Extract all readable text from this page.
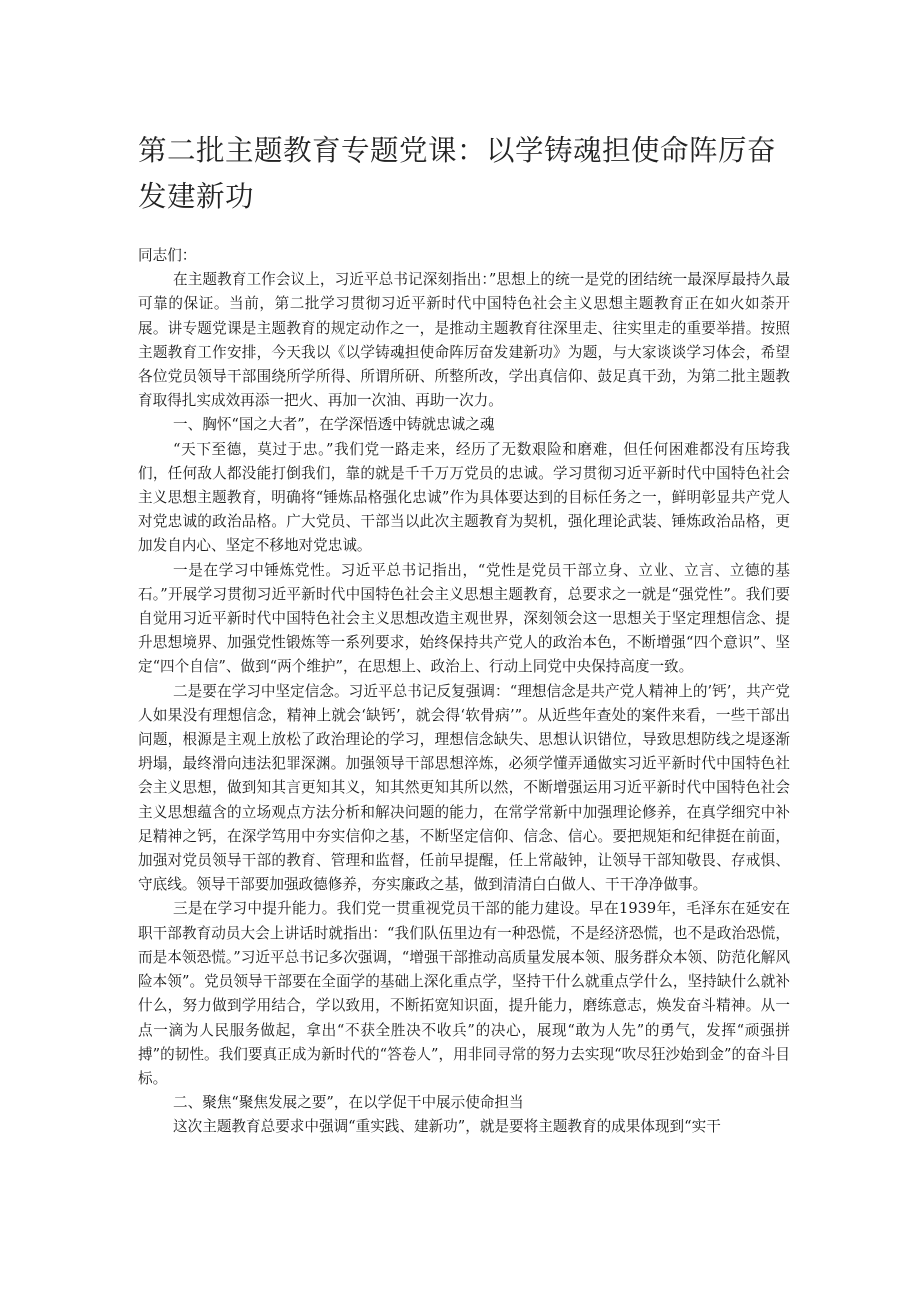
第二批主题教育专题党课：以学铸魂担使命阵厉奋发建新功

同志们：

在主题教育工作会议上，习近平总书记深刻指出：”思想上的统一是党的团结统一最深厚最持久最可靠的保证。当前，第二批学习贯彻习近平新时代中国特色社会主义思想主题教育正在如火如荼开展。讲专题党课是主题教育的规定动作之一，是推动主题教育往深里走、往实里走的重要举措。按照主题教育工作安排，今天我以《以学铸魂担使命阵厉奋发建新功》为题，与大家谈谈学习体会，希望各位党员领导干部围绕所学所得、所谓所研、所整所改，学出真信仰、鼓足真干劲，为第二批主题教育取得扎实成效再添一把火、再加一次油、再助一次力。

一、胸怀“国之大者”，在学深悟透中铸就忠诚之魂

“天下至德，莫过于忠。”我们党一路走来，经历了无数艰险和磨难，但任何困难都没有压垮我们，任何敌人都没能打倒我们，靠的就是千千万万党员的忠诚。学习贯彻习近平新时代中国特色社会主义思想主题教育，明确将“锤炼品格强化忠诚”作为具体要达到的目标任务之一，鲜明彰显共产党人对党忠诚的政治品格。广大党员、干部当以此次主题教育为契机，强化理论武装、锤炼政治品格，更加发自内心、坚定不移地对党忠诚。

一是在学习中锤炼党性。习近平总书记指出，“党性是党员干部立身、立业、立言、立德的基石。”开展学习贯彻习近平新时代中国特色社会主义思想主题教育，总要求之一就是“强党性”。我们要自觉用习近平新时代中国特色社会主义思想改造主观世界，深刻领会这一思想关于坚定理想信念、提升思想境界、加强党性锻炼等一系列要求，始终保持共产党人的政治本色，不断增强“四个意识”、坚定“四个自信”、做到“两个维护”，在思想上、政治上、行动上同党中央保持高度一致。

二是要在学习中坚定信念。习近平总书记反复强调：“理想信念是共产党人精神上的’钙’，共产党人如果没有理想信念，精神上就会‘缺钙’，就会得‘软骨病’”。从近些年查处的案件来看，一些干部出问题，根源是主观上放松了政治理论的学习，理想信念缺失、思想认识错位，导致思想防线之堤逐渐坍塌，最终滑向违法犯罪深渊。加强领导干部思想淬炼，必须学懂弄通做实习近平新时代中国特色社会主义思想，做到知其言更知其义，知其然更知其所以然，不断增强运用习近平新时代中国特色社会主义思想蕴含的立场观点方法分析和解决问题的能力，在常学常新中加强理论修养，在真学细究中补足精神之钙，在深学笃用中夯实信仰之基，不断坚定信仰、信念、信心。要把规矩和纪律挺在前面，加强对党员领导干部的教育、管理和监督，任前早提醒，任上常敲钟，让领导干部知敬畏、存戒惧、守底线。领导干部要加强政德修养，夯实廉政之基，做到清清白白做人、干干净净做事。

三是在学习中提升能力。我们党一贯重视党员干部的能力建设。早在1939年，毛泽东在延安在职干部教育动员大会上讲话时就指出：“我们队伍里边有一种恐慌，不是经济恐慌，也不是政治恐慌，而是本领恐慌。”习近平总书记多次强调，“增强干部推动高质量发展本领、服务群众本领、防范化解风险本领”。党员领导干部要在全面学的基础上深化重点学，坚持干什么就重点学什么，坚持缺什么就补什么，努力做到学用结合，学以致用，不断拓宽知识面，提升能力，磨练意志，焕发奋斗精神。从一点一滴为人民服务做起，拿出“不获全胜决不收兵”的决心，展现“敢为人先”的勇气，发挥“顽强拼搏”的韧性。我们要真正成为新时代的“答卷人”，用非同寻常的努力去实现“吹尽狂沙始到金”的奋斗目标。

二、聚焦“聚焦发展之要”，在以学促干中展示使命担当

这次主题教育总要求中强调“重实践、建新功”，就是要将主题教育的成果体现到“实干
